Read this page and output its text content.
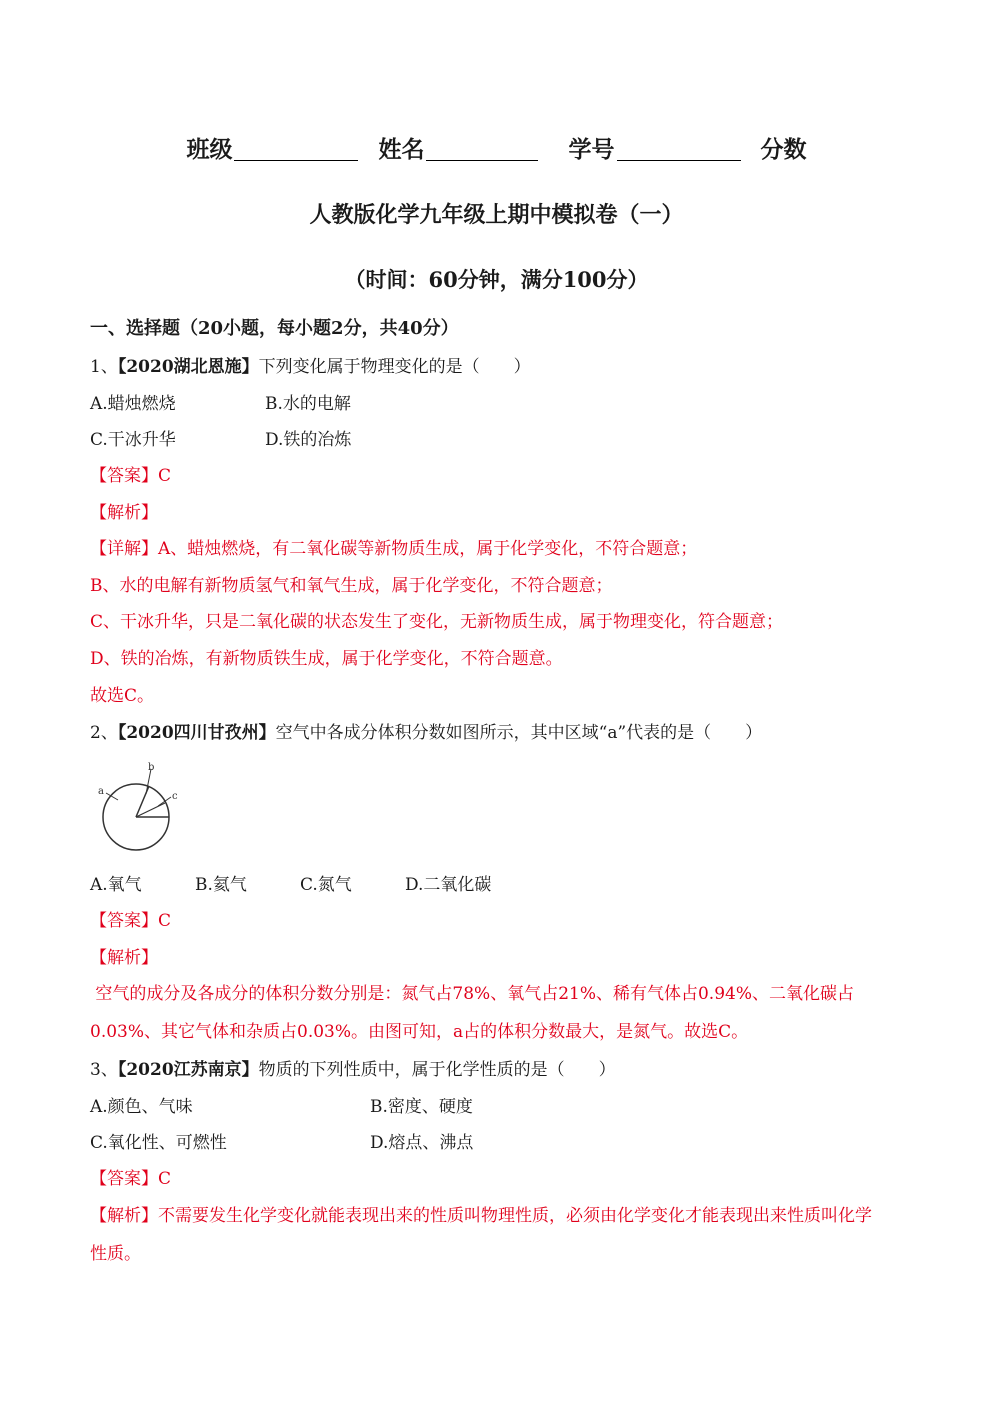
班级	姓名	学号	分数
人教版化学九年级上期中模拟卷（一）
（时间：60分钟，满分100分）
一、选择题（20小题，每小题2分，共40分）
1、【2020湖北恩施】下列变化属于物理变化的是（　　）
A.蜡烛燃烧	B.水的电解
C.干冰升华	D.铁的冶炼
【答案】C
【解析】
【详解】A、蜡烛燃烧，有二氧化碳等新物质生成，属于化学变化，不符合题意；
B、水的电解有新物质氢气和氧气生成，属于化学变化，不符合题意；
C、干冰升华，只是二氧化碳的状态发生了变化，无新物质生成，属于物理变化，符合题意；
D、铁的冶炼，有新物质铁生成，属于化学变化，不符合题意。
故选C。
2、【2020四川甘孜州】空气中各成分体积分数如图所示，其中区域“a”代表的是（　　）
a
b
c
A.氧气	B.氦气	C.氮气	D.二氧化碳
【答案】C
【解析】
空气的成分及各成分的体积分数分别是：氮气占78%、氧气占21%、稀有气体占0.94%、二氧化碳占
0.03%、其它气体和杂质占0.03%。由图可知，a占的体积分数最大，是氮气。故选C。
3、【2020江苏南京】物质的下列性质中，属于化学性质的是（　　）
A.颜色、气味	B.密度、硬度
C.氧化性、可燃性	D.熔点、沸点
【答案】C
【解析】不需要发生化学变化就能表现出来的性质叫物理性质，必须由化学变化才能表现出来性质叫化学
性质。
